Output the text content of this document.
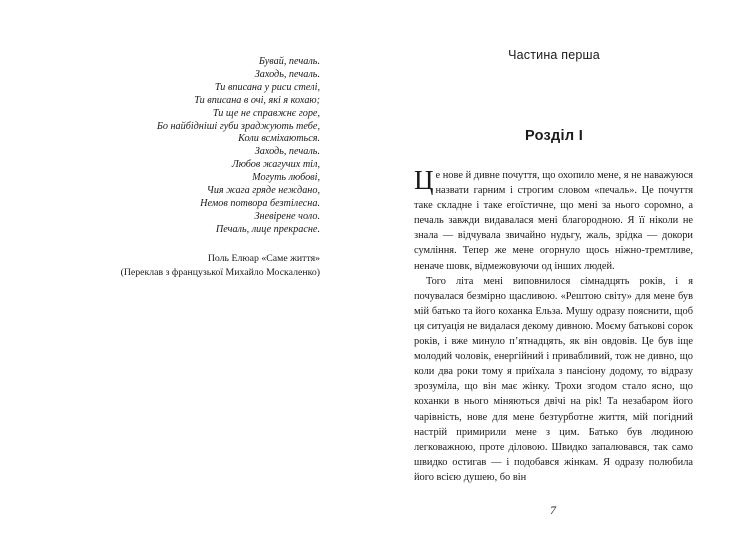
Бувай, печаль.
Заходь, печаль.
Ти вписана у риси стелі,
Ти вписана в очі, які я кохаю;
Ти ще не справжнє горе,
Бо найбідніші губи зраджують тебе,
Коли всміхаються.
Заходь, печаль.
Любов жагучих тіл,
Могуть любові,
Чия жага гряде нежданo,
Немов потвора безтілесна.
Зневірене чоло.
Печаль, лице прекрасне.
Поль Елюар «Саме життя»
(Переклав з французької Михайло Москаленко)
Частина перша
Розділ І

Це нове й дивне почуття, що охопило мене, я не наважуюся назвати гарним і строгим словом «печаль». Це почуття таке складне і таке егоїстичне, що мені за нього соромно, а печаль завжди видавалася мені благородною. Я її ніколи не знала — відчувала звичайно нудьгу, жаль, зрідка — докори сумління. Тепер же мене огорнуло щось ніжно-тремтливе, неначе шовк, відмежовуючи од інших людей.

Того літа мені виповнилося сімнадцять років, і я почувалася безмірно щасливою. «Рештою світу» для мене був мій батько та його коханка Ельза. Мушу одразу пояснити, щоб ця ситуація не видалася декому дивною. Моєму батькові сорок років, і вже минуло п’ятнадцять, як він овдовів. Це був іще молодий чоловік, енергійний і привабливий, тож не дивно, що коли два роки тому я приїхала з пансіону додому, то відразу зрозуміла, що він має жінку. Трохи згодом стало ясно, що коханки в нього міняються двічі на рік! Та незабаром його чарівність, нове для мене безтурботне життя, мій погідний настрій примирили мене з цим. Батько був людиною легковажною, проте діловою. Швидко запалювався, так само швидко остигав — і подобався жінкам. Я одразу полюбила його всією душею, бо він

7
